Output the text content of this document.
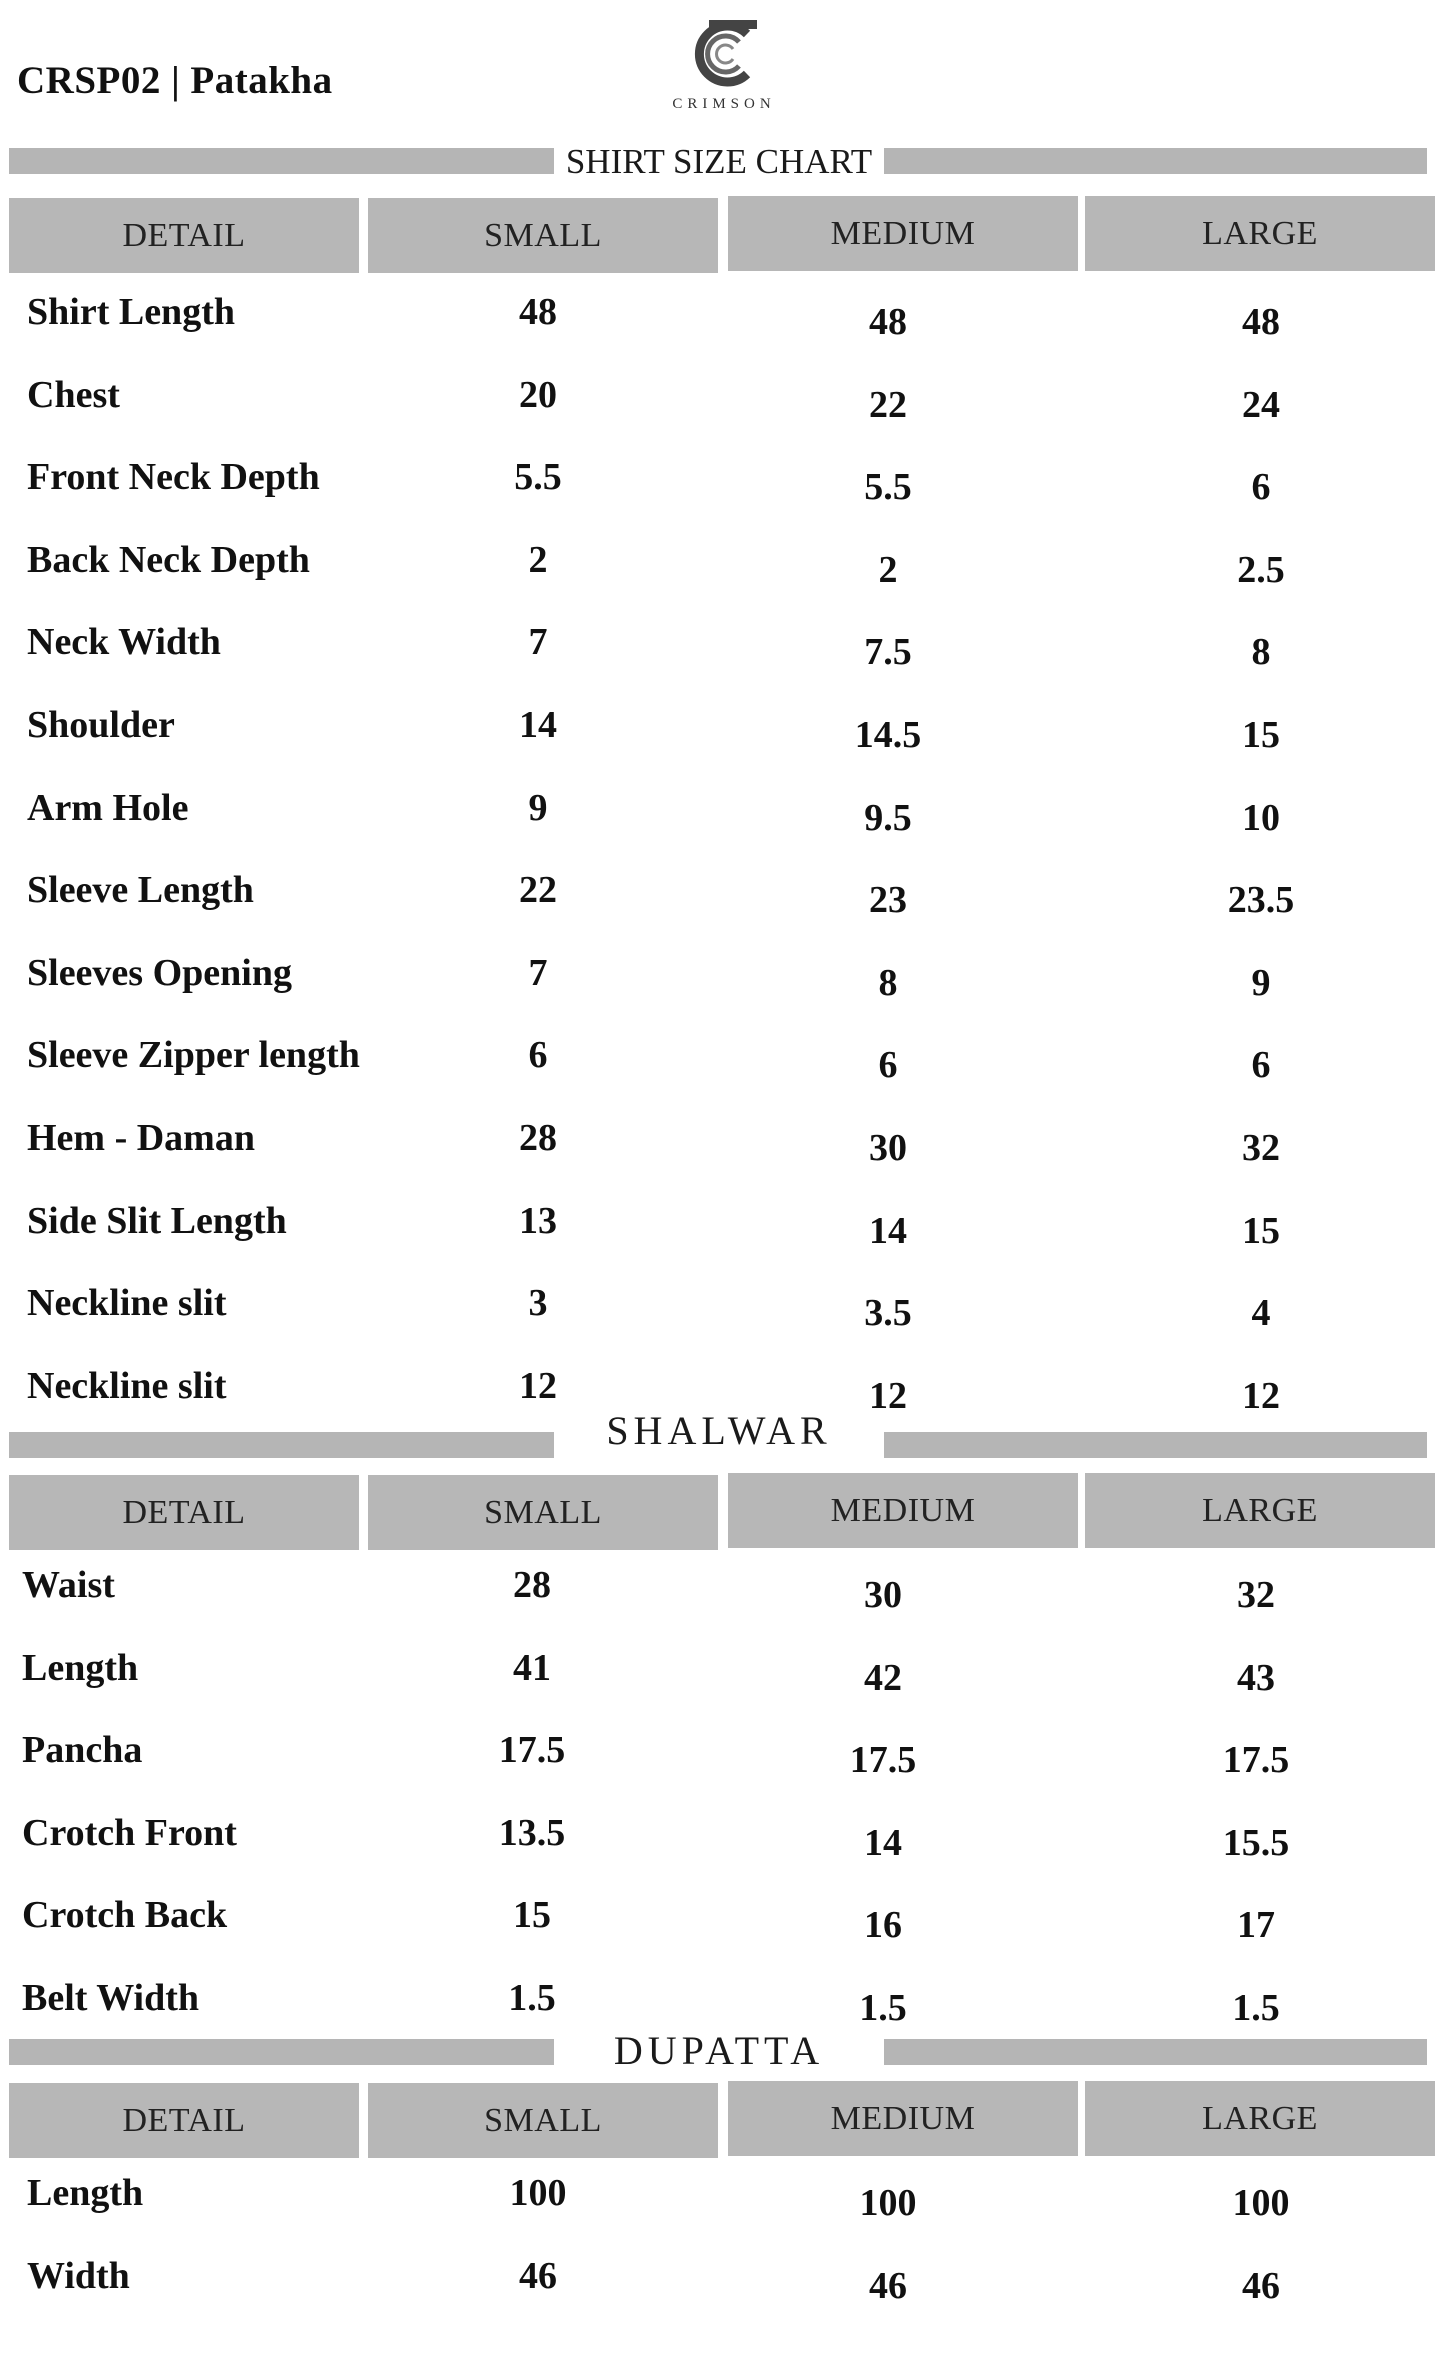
CRSP02 | Patakha
CRIMSON
SHIRT SIZE CHART
DETAIL	SMALL	MEDIUM	LARGE
Shirt Length	48	48	48
Chest	20	22	24
Front Neck Depth	5.5	5.5	6
Back Neck Depth	2	2	2.5
Neck Width	7	7.5	8
Shoulder	14	14.5	15
Arm Hole	9	9.5	10
Sleeve Length	22	23	23.5
Sleeves Opening	7	8	9
Sleeve Zipper length	6	6	6
Hem - Daman	28	30	32
Side Slit Length	13	14	15
Neckline slit	3	3.5	4
Neckline slit	12	12	12
SHALWAR
DETAIL	SMALL	MEDIUM	LARGE
Waist	28	30	32
Length	41	42	43
Pancha	17.5	17.5	17.5
Crotch Front	13.5	14	15.5
Crotch Back	15	16	17
Belt Width	1.5	1.5	1.5
DUPATTA
DETAIL	SMALL	MEDIUM	LARGE
Length	100	100	100
Width	46	46	46
